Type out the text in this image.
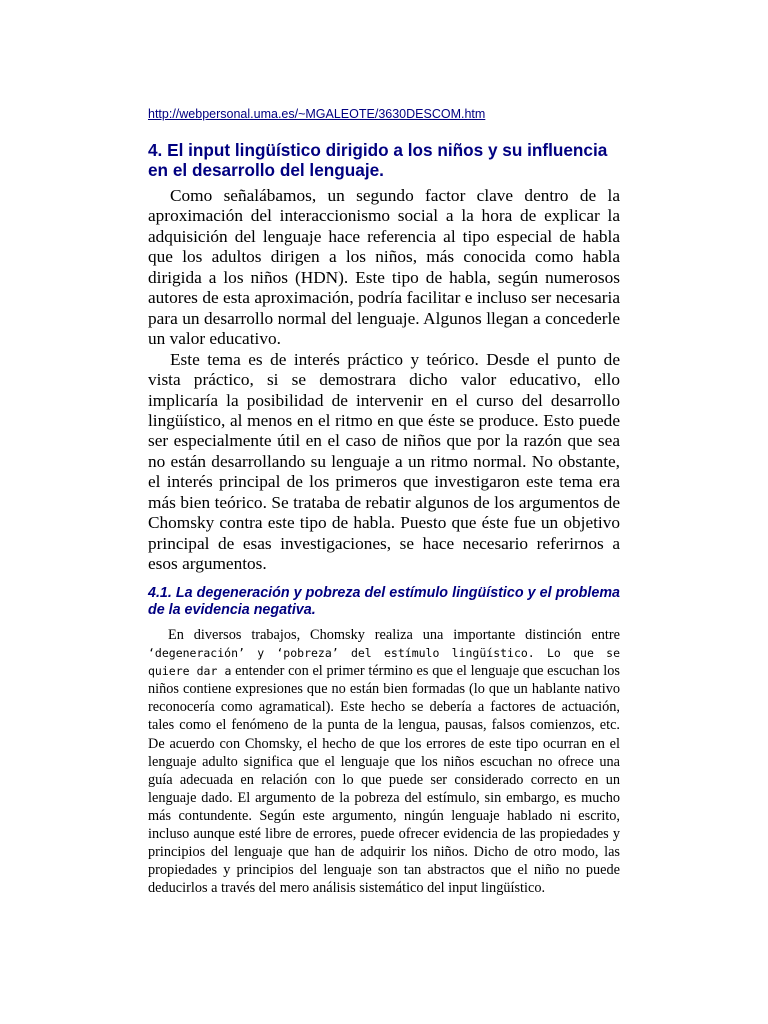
http://webpersonal.uma.es/~MGALEOTE/3630DESCOM.htm
4. El input lingüístico dirigido a los niños y su influencia en el desarrollo del lenguaje.

Como señalábamos, un segundo factor clave dentro de la aproximación del interaccionismo social a la hora de explicar la adquisición del lenguaje hace referencia al tipo especial de habla que los adultos dirigen a los niños, más conocida como habla dirigida a los niños (HDN). Este tipo de habla, según numerosos autores de esta aproximación, podría facilitar e incluso ser necesaria para un desarrollo normal del lenguaje. Algunos llegan a concederle un valor educativo.

Este tema es de interés práctico y teórico. Desde el punto de vista práctico, si se demostrara dicho valor educativo, ello implicaría la posibilidad de intervenir en el curso del desarrollo lingüístico, al menos en el ritmo en que éste se produce. Esto puede ser especialmente útil en el caso de niños que por la razón que sea no están desarrollando su lenguaje a un ritmo normal. No obstante, el interés principal de los primeros que investigaron este tema era más bien teórico. Se trataba de rebatir algunos de los argumentos de Chomsky contra este tipo de habla. Puesto que éste fue un objetivo principal de esas investigaciones, se hace necesario referirnos a esos argumentos.

4.1. La degeneración y pobreza del estímulo lingüístico y el problema de la evidencia negativa.

En diversos trabajos, Chomsky realiza una importante distinción entre ‘degeneración’ y ‘pobreza’ del estímulo lingüístico. Lo que se quiere dar a entender con el primer término es que el lenguaje que escuchan los niños contiene expresiones que no están bien formadas (lo que un hablante nativo reconocería como agramatical). Este hecho se debería a factores de actuación, tales como el fenómeno de la punta de la lengua, pausas, falsos comienzos, etc. De acuerdo con Chomsky, el hecho de que los errores de este tipo ocurran en el lenguaje adulto significa que el lenguaje que los niños escuchan no ofrece una guía adecuada en relación con lo que puede ser considerado correcto en un lenguaje dado. El argumento de la pobreza del estímulo, sin embargo, es mucho más contundente. Según este argumento, ningún lenguaje hablado ni escrito, incluso aunque esté libre de errores, puede ofrecer evidencia de las propiedades y principios del lenguaje que han de adquirir los niños. Dicho de otro modo, las propiedades y principios del lenguaje son tan abstractos que el niño no puede deducirlos a través del mero análisis sistemático del input lingüístico.
